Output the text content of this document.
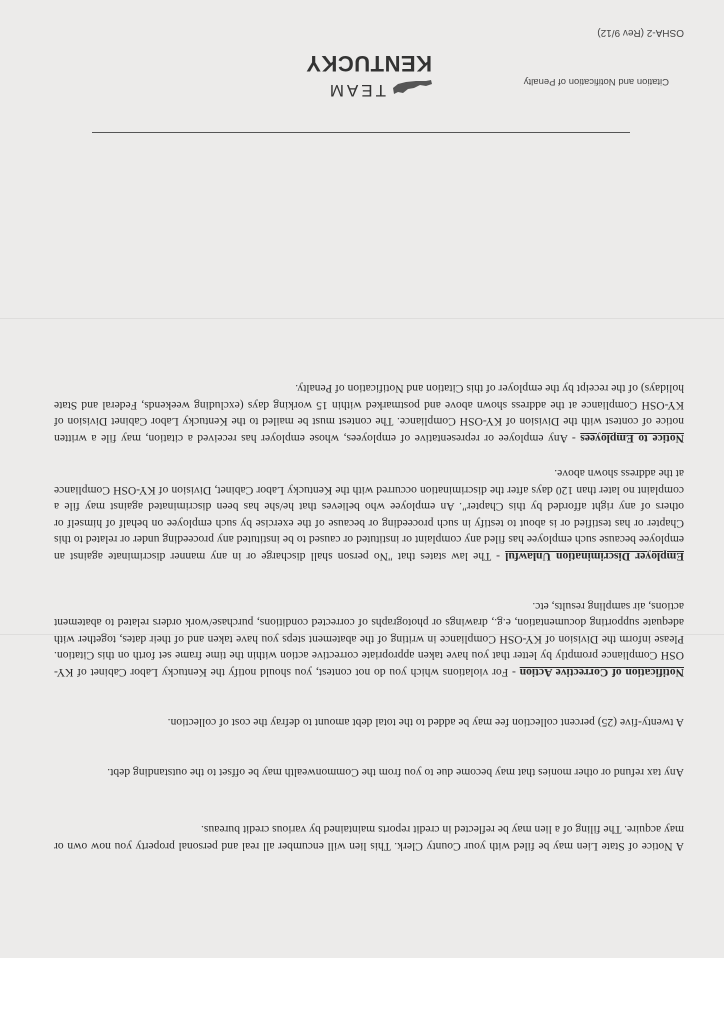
OSHA-2 (Rev 9/12)
TEAM
KENTUCKY
Citation and Notification of Penalty

A Notice of State Lien may be filed with your County Clerk. This lien will encumber all real and personal property you now own or may acquire. The filing of a lien may be reflected in credit reports maintained by various credit bureaus.

Any tax refund or other monies that may become due to you from the Commonwealth may be offset to the outstanding debt.

A twenty-five (25) percent collection fee may be added to the total debt amount to defray the cost of collection.

Notification of Corrective Action - For violations which you do not contest, you should notify the Kentucky Labor Cabinet of KY-OSH Compliance promptly by letter that you have taken appropriate corrective action within the time frame set forth on this Citation. Please inform the Division of KY-OSH Compliance in writing of the abatement steps you have taken and of their dates, together with adequate supporting documentation, e.g., drawings or photographs of corrected conditions, purchase/work orders related to abatement actions, air sampling results, etc.

Employer Discrimination Unlawful - The law states that "No person shall discharge or in any manner discriminate against an employee because such employee has filed any complaint or instituted or caused to be instituted any proceeding under or related to this Chapter or has testified or is about to testify in such proceeding or because of the exercise by such employee on behalf of himself or others of any right afforded by this Chapter". An employee who believes that he/she has been discriminated against may file a complaint no later than 120 days after the discrimination occurred with the Kentucky Labor Cabinet, Division of KY-OSH Compliance at the address shown above.

Notice to Employees - Any employee or representative of employees, whose employer has received a citation, may file a written notice of contest with the Division of KY-OSH Compliance. The contest must be mailed to the Kentucky Labor Cabinet Division of KY-OSH Compliance at the address shown above and postmarked within 15 working days (excluding weekends, Federal and State holidays) of the receipt by the employer of this Citation and Notification of Penalty.
